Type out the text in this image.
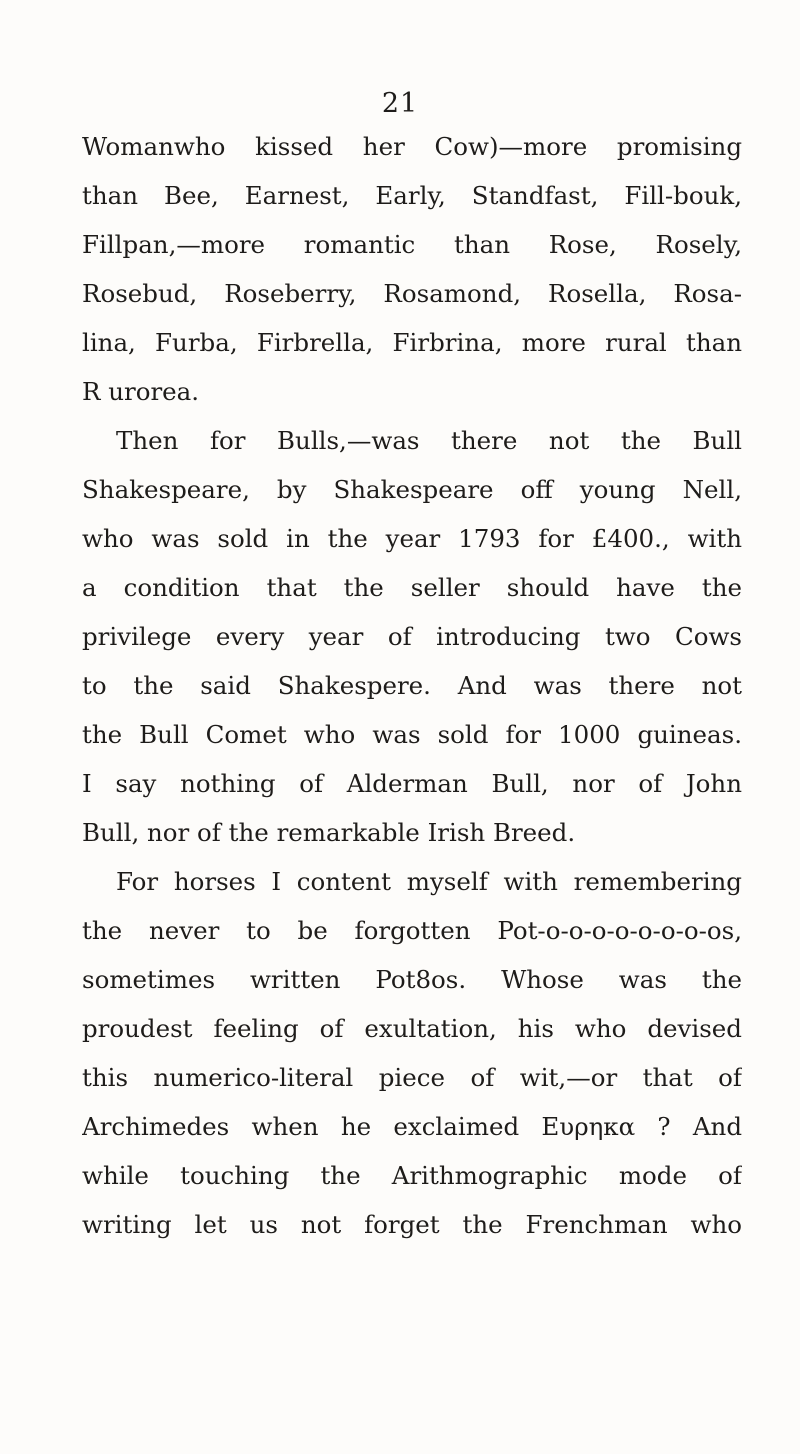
21
Womanwho kissed her Cow)—more promising
than Bee, Earnest, Early, Standfast, Fill-bouk,
Fillpan,—more romantic than Rose, Rosely,
Rosebud, Roseberry, Rosamond, Rosella, Rosa-
lina, Furba, Firbrella, Firbrina, more rural than
R urorea.
Then for Bulls,—was there not the Bull
Shakespeare, by Shakespeare off young Nell,
who was sold in the year 1793 for £400., with
a condition that the seller should have the
privilege every year of introducing two Cows
to the said Shakespere. And was there not
the Bull Comet who was sold for 1000 guineas.
I say nothing of Alderman Bull, nor of John
Bull, nor of the remarkable Irish Breed.
For horses I content myself with remembering
the never to be forgotten Pot-o-o-o-o-o-o-o-os,
sometimes written Pot8os. Whose was the
proudest feeling of exultation, his who devised
this numerico-literal piece of wit,—or that of
Archimedes when he exclaimed Ευρηκα ? And
while touching the Arithmographic mode of
writing let us not forget the Frenchman who
